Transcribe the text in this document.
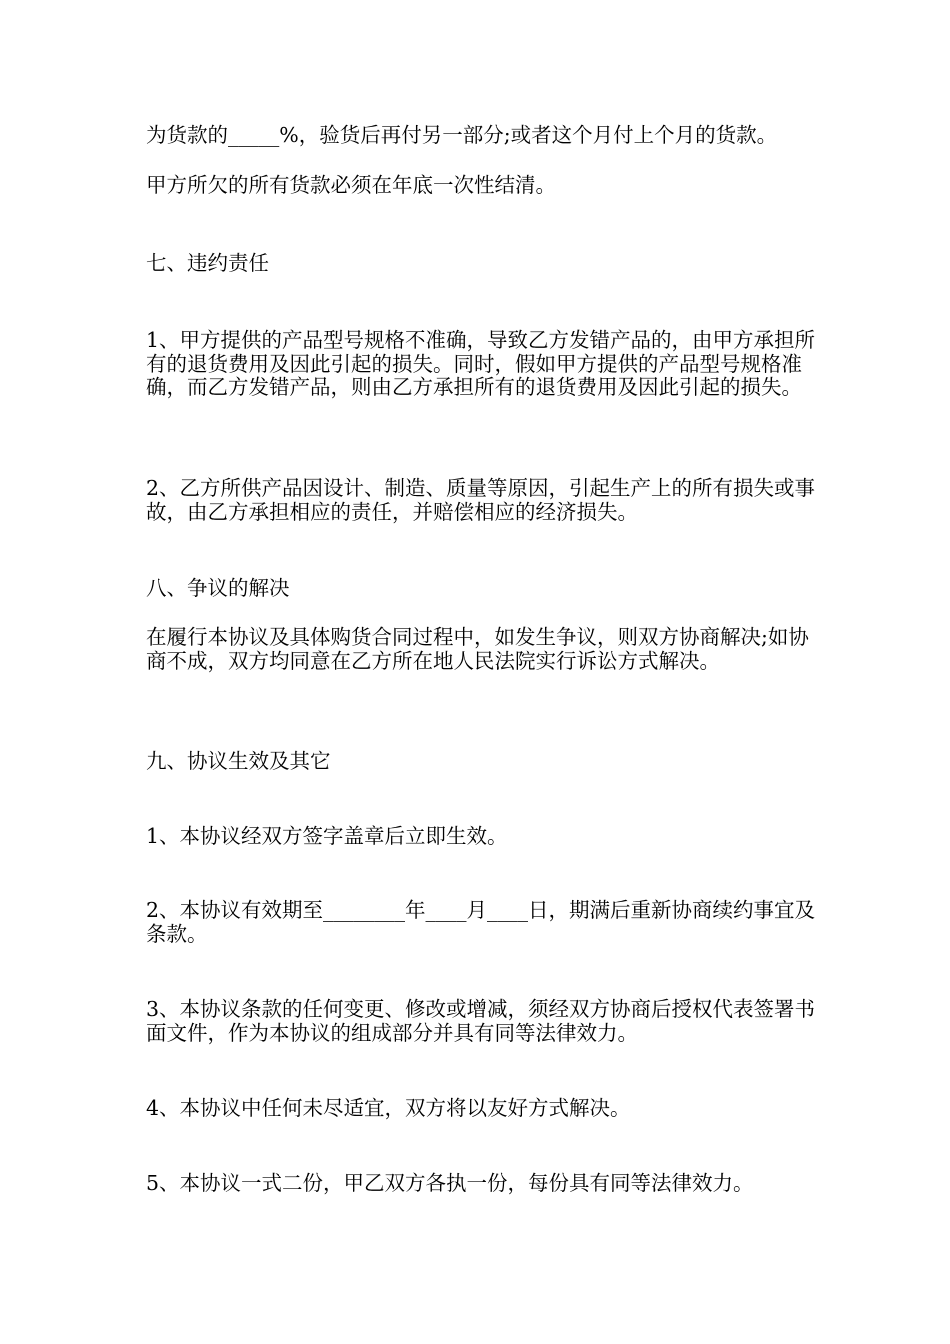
为货款的_____%，验货后再付另一部分;或者这个月付上个月的货款。

甲方所欠的所有货款必须在年底一次性结清。

七、违约责任

1、甲方提供的产品型号规格不准确，导致乙方发错产品的，由甲方承担所有的退货费用及因此引起的损失。同时，假如甲方提供的产品型号规格准确，而乙方发错产品，则由乙方承担所有的退货费用及因此引起的损失。

2、乙方所供产品因设计、制造、质量等原因，引起生产上的所有损失或事故，由乙方承担相应的责任，并赔偿相应的经济损失。

八、争议的解决

在履行本协议及具体购货合同过程中，如发生争议，则双方协商解决;如协商不成，双方均同意在乙方所在地人民法院实行诉讼方式解决。

九、协议生效及其它

1、本协议经双方签字盖章后立即生效。

2、本协议有效期至________年____月____日，期满后重新协商续约事宜及条款。

3、本协议条款的任何变更、修改或增减，须经双方协商后授权代表签署书面文件，作为本协议的组成部分并具有同等法律效力。

4、本协议中任何未尽适宜，双方将以友好方式解决。

5、本协议一式二份，甲乙双方各执一份，每份具有同等法律效力。
